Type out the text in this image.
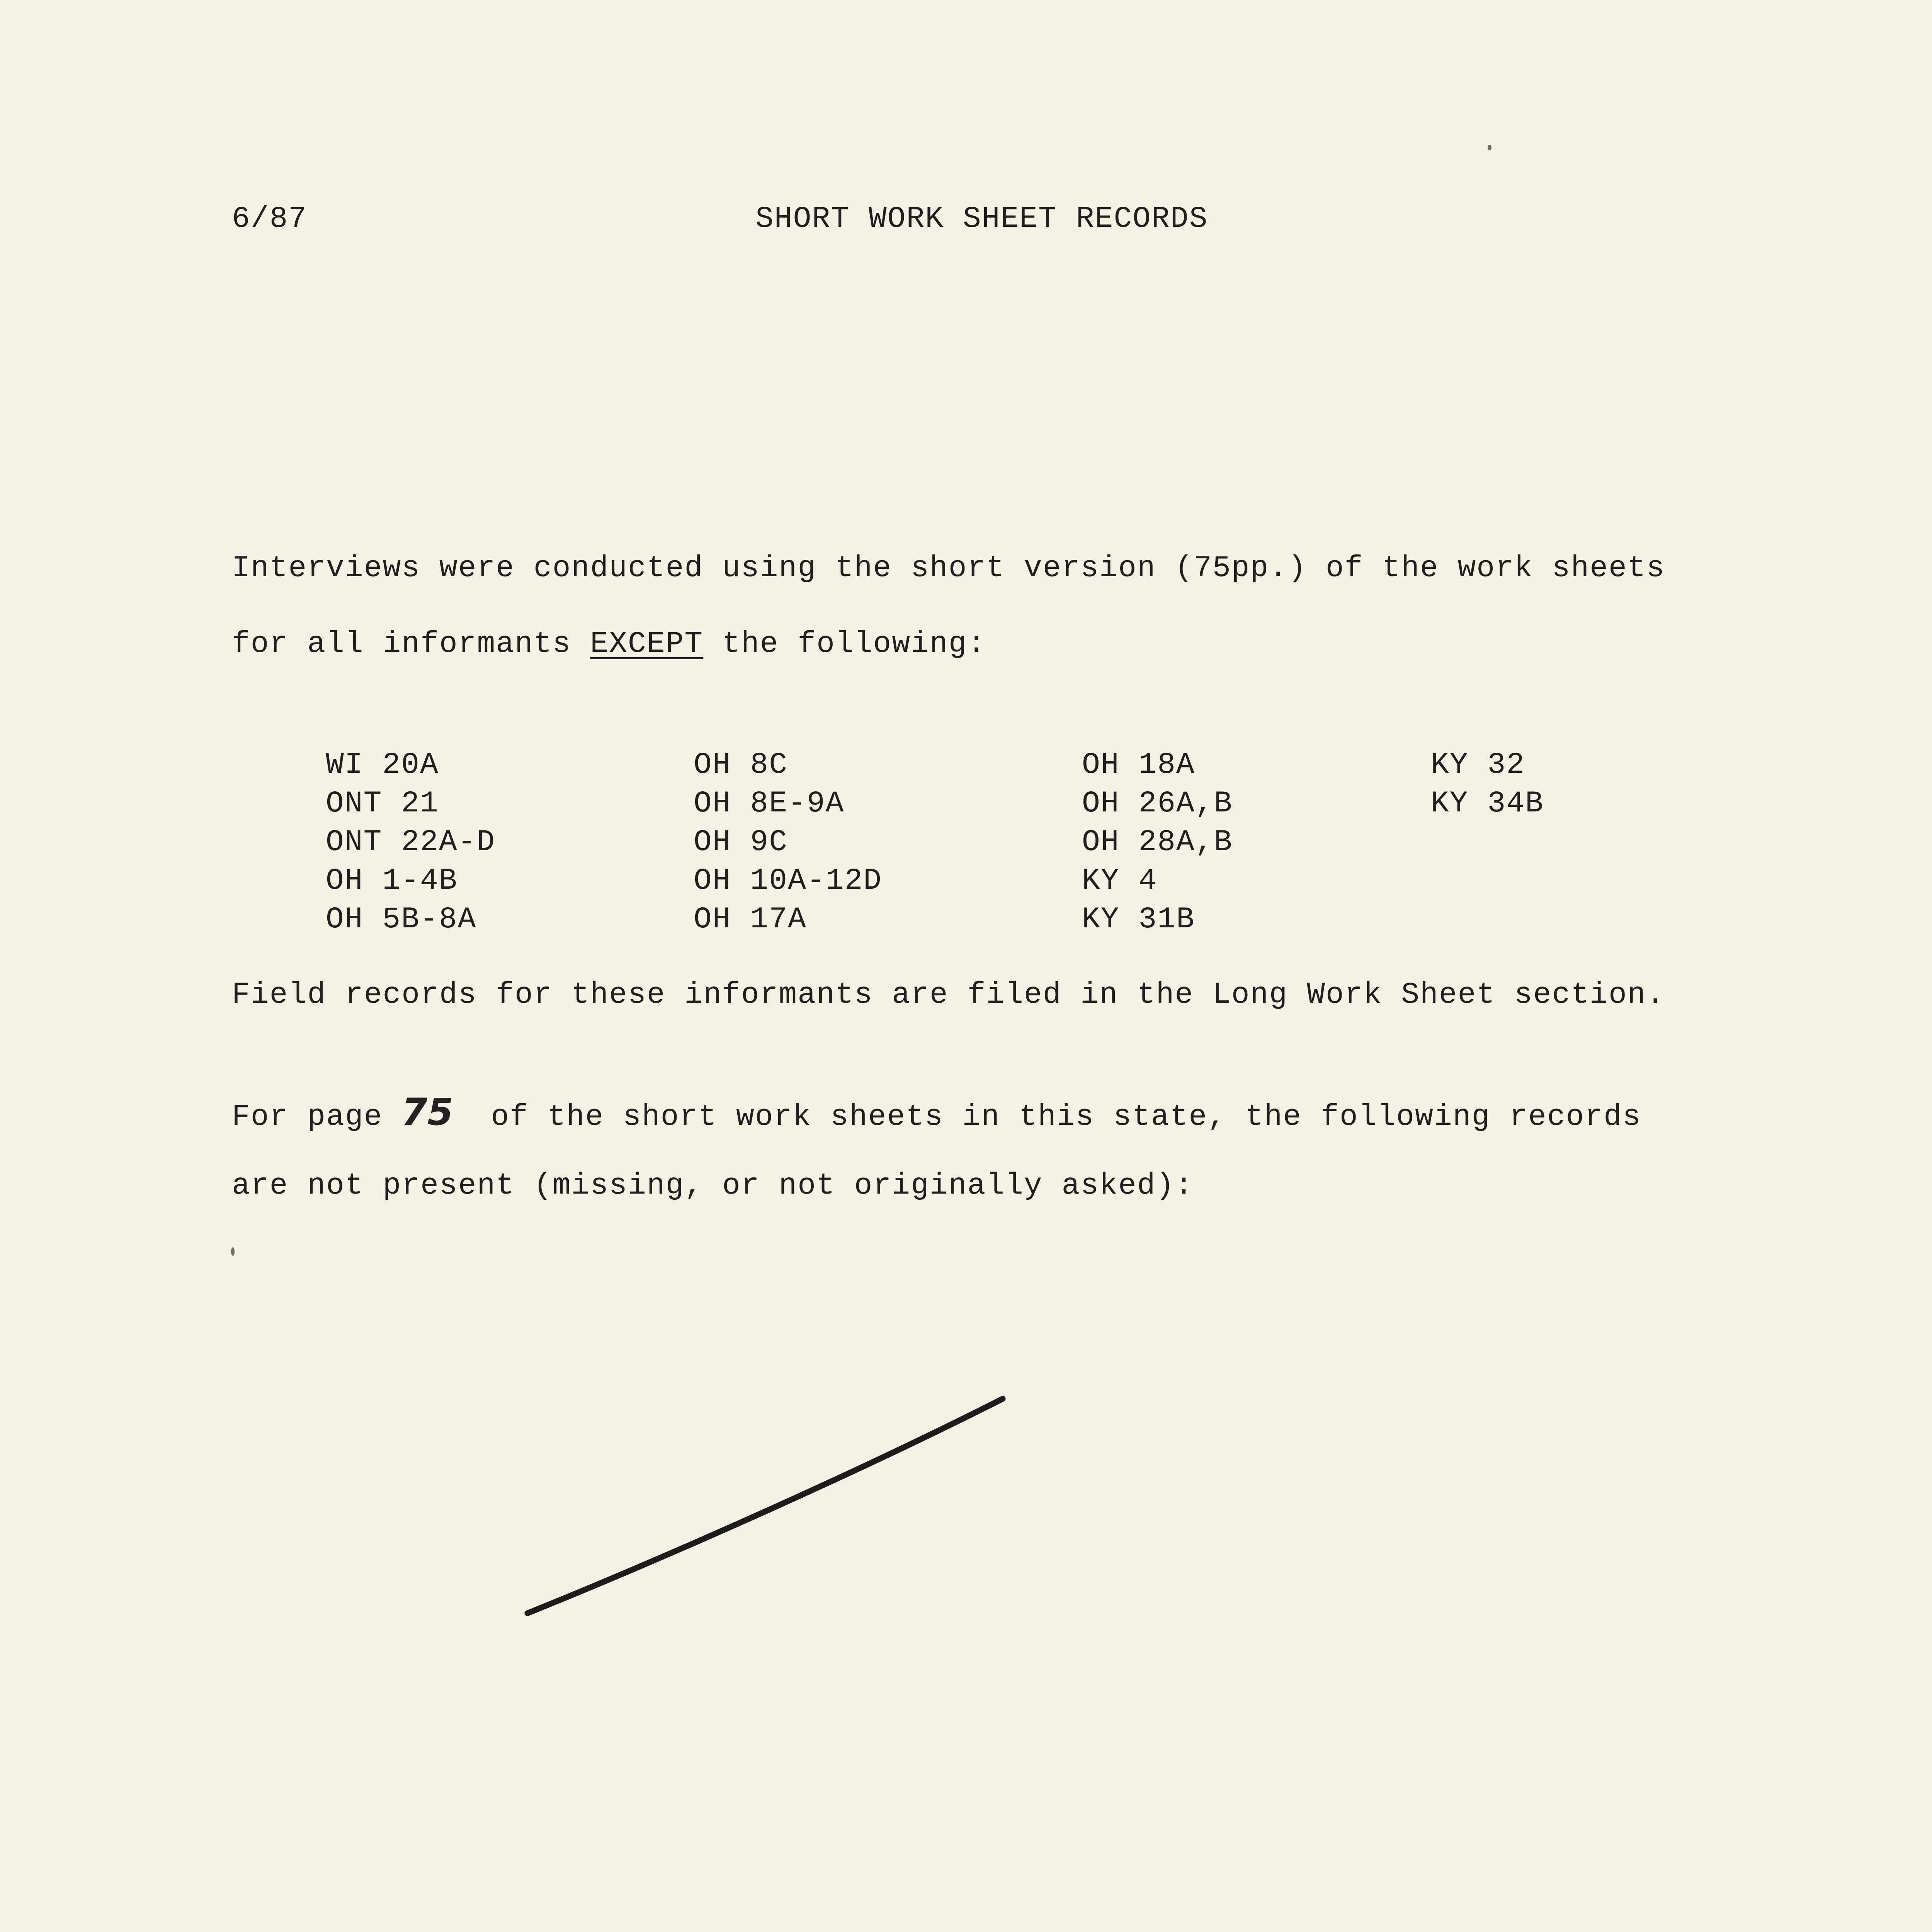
6/87	SHORT WORK SHEET RECORDS
Interviews were conducted using the short version (75pp.) of the work sheets
for all informants EXCEPT the following:
WI 20A
ONT 21
ONT 22A-D
OH 1-4B
OH 5B-8A
OH 8C
OH 8E-9A
OH 9C
OH 10A-12D
OH 17A
OH 18A
OH 26A,B
OH 28A,B
KY 4
KY 31B
KY 32
KY 34B
Field records for these informants are filed in the Long Work Sheet section.
For page 75  of the short work sheets in this state, the following records
are not present (missing, or not originally asked):
